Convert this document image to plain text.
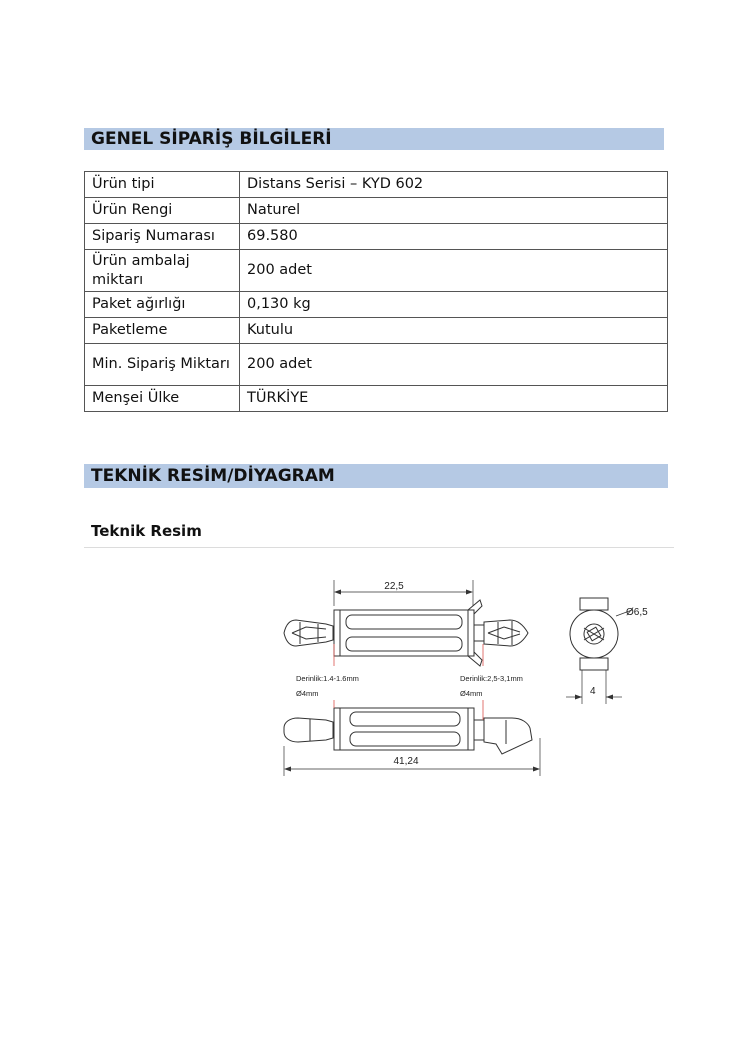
GENEL SİPARİŞ BİLGİLERİ
Ürün tipi	Distans Serisi – KYD 602
Ürün Rengi	Naturel
Sipariş Numarası	69.580
Ürün ambalaj miktarı	200 adet
Paket ağırlığı	0,130 kg
Paketleme	Kutulu
Min. Sipariş Miktarı	200 adet
Menşei Ülke	TÜRKİYE
TEKNİK RESİM/DİYAGRAM
Teknik Resim
22,5
41,24
Ø6,5
4
Derinlik:1.4-1.6mm
Ø4mm
Derinlik:2,5-3,1mm
Ø4mm
